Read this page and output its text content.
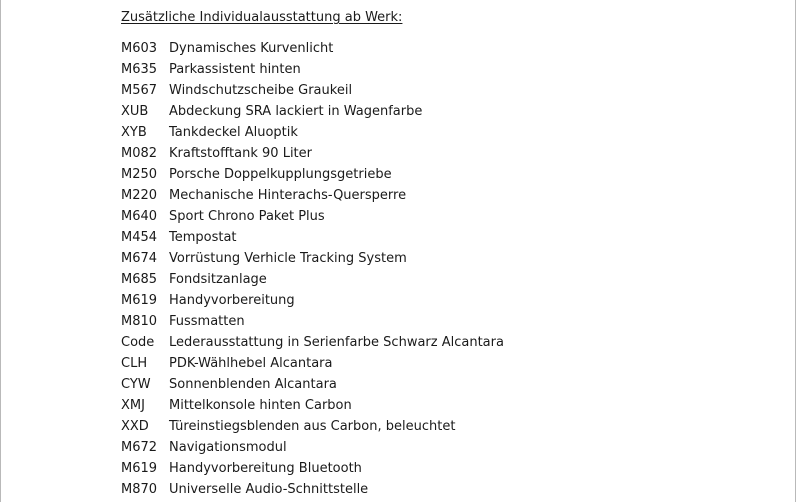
Zusätzliche Individualausstattung ab Werk:
M603 Dynamisches Kurvenlicht
M635 Parkassistent hinten
M567 Windschutzscheibe Graukeil
XUB	Abdeckung SRA lackiert in Wagenfarbe
XYB	Tankdeckel Aluoptik
M082 Kraftstofftank 90 Liter
M250 Porsche Doppelkupplungsgetriebe
M220 Mechanische Hinterachs-Quersperre
M640 Sport Chrono Paket Plus
M454 Tempostat
M674 Vorrüstung Verhicle Tracking System
M685 Fondsitzanlage
M619 Handyvorbereitung
M810 Fussmatten
Code	Lederausstattung in Serienfarbe Schwarz Alcantara
CLH	PDK-Wählhebel Alcantara
CYW	Sonnenblenden Alcantara
XMJ	Mittelkonsole hinten Carbon
XXD	Türeinstiegsblenden aus Carbon, beleuchtet
M672 Navigationsmodul
M619 Handyvorbereitung Bluetooth
M870 Universelle Audio-Schnittstelle
